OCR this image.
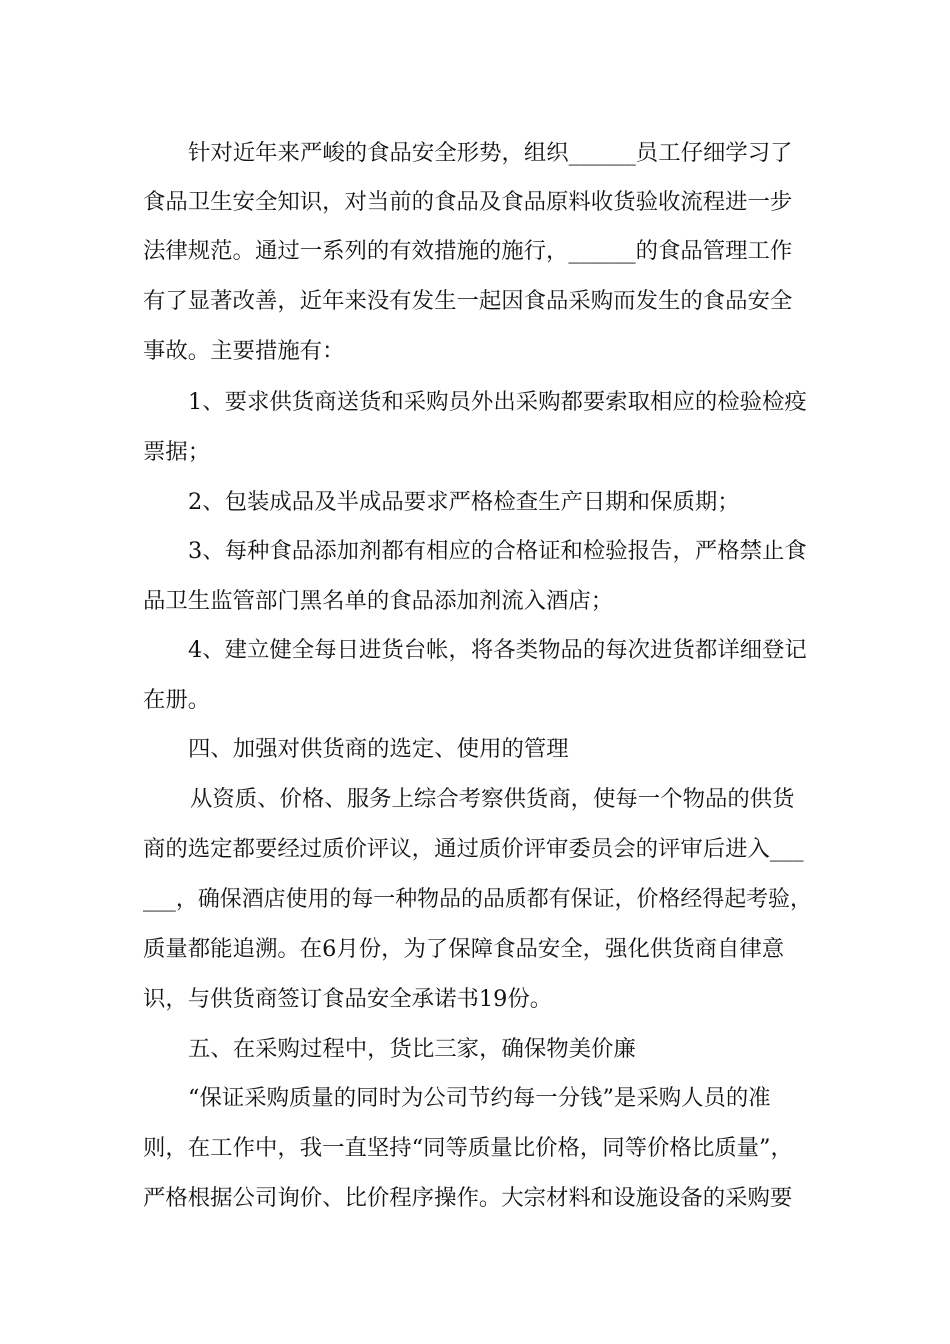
针对近年来严峻的食品安全形势，组织______员工仔细学习了
食品卫生安全知识，对当前的食品及食品原料收货验收流程进一步
法律规范。通过一系列的有效措施的施行，______的食品管理工作
有了显著改善，近年来没有发生一起因食品采购而发生的食品安全
事故。主要措施有：
1、要求供货商送货和采购员外出采购都要索取相应的检验检疫
票据；
2、包装成品及半成品要求严格检查生产日期和保质期；
3、每种食品添加剂都有相应的合格证和检验报告，严格禁止食
品卫生监管部门黑名单的食品添加剂流入酒店；
4、建立健全每日进货台帐，将各类物品的每次进货都详细登记
在册。
四、加强对供货商的选定、使用的管理
从资质、价格、服务上综合考察供货商，使每一个物品的供货
商的选定都要经过质价评议，通过质价评审委员会的评审后进入___
___，确保酒店使用的每一种物品的品质都有保证，价格经得起考验，
质量都能追溯。在6月份，为了保障食品安全，强化供货商自律意
识，与供货商签订食品安全承诺书19份。
五、在采购过程中，货比三家，确保物美价廉
“保证采购质量的同时为公司节约每一分钱”是采购人员的准
则，在工作中，我一直坚持“同等质量比价格，同等价格比质量”，
严格根据公司询价、比价程序操作。大宗材料和设施设备的采购要
